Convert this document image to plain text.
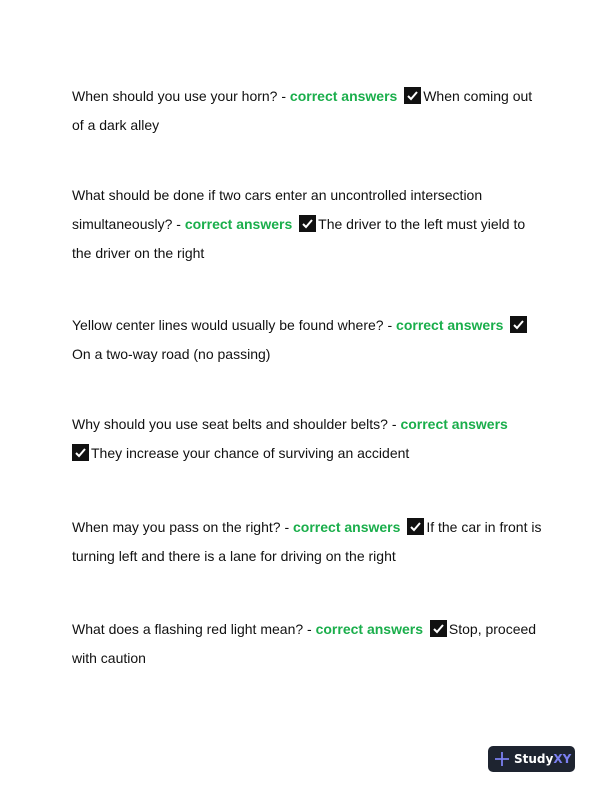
When should you use your horn? - correct answers When coming out of a dark alley
What should be done if two cars enter an uncontrolled intersection simultaneously? - correct answers The driver to the left must yield to the driver on the right
Yellow center lines would usually be found where? - correct answers
On a two-way road (no passing)
Why should you use seat belts and shoulder belts? - correct answers

They increase your chance of surviving an accident
When may you pass on the right? - correct answers If the car in front is turning left and there is a lane for driving on the right
What does a flashing red light mean? - correct answers Stop, proceed with caution
StudyXY
